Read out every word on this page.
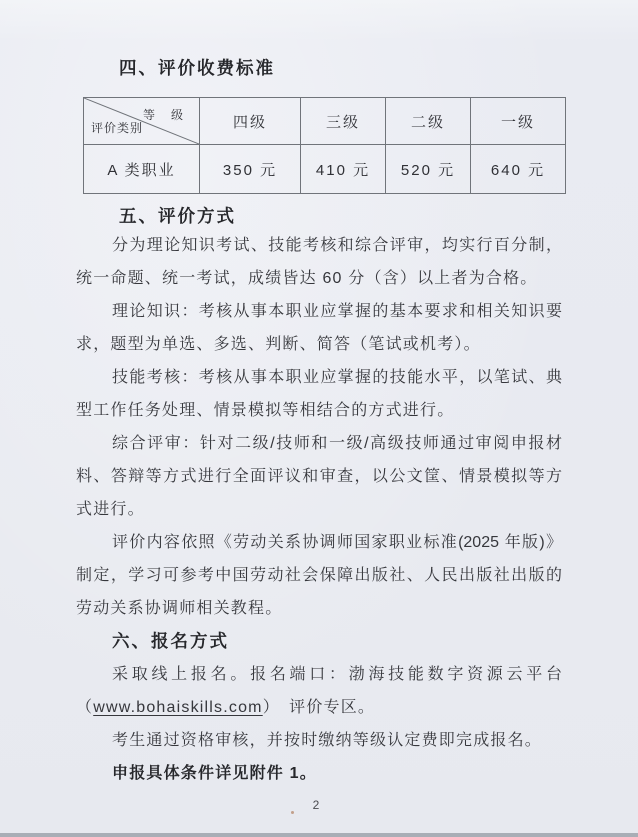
四、评价收费标准
等　级
评价类别	四级	三级	二级	一级
A 类职业	350 元	410 元	520 元	640 元
五、评价方式
分为理论知识考试、技能考核和综合评审，均实行百分制，
统一命题、统一考试，成绩皆达 60 分（含）以上者为合格。
理论知识：考核从事本职业应掌握的基本要求和相关知识要
求，题型为单选、多选、判断、简答（笔试或机考）。
技能考核：考核从事本职业应掌握的技能水平，以笔试、典
型工作任务处理、情景模拟等相结合的方式进行。
综合评审：针对二级/技师和一级/高级技师通过审阅申报材
料、答辩等方式进行全面评议和审查，以公文筐、情景模拟等方
式进行。
评价内容依照《劳动关系协调师国家职业标准(2025 年版)》
制定，学习可参考中国劳动社会保障出版社、人民出版社出版的
劳动关系协调师相关教程。
六、报名方式
采取线上报名。报名端口：渤海技能数字资源云平台
（www.bohaiskills.com）　评价专区。
考生通过资格审核，并按时缴纳等级认定费即完成报名。
申报具体条件详见附件 1。
2
